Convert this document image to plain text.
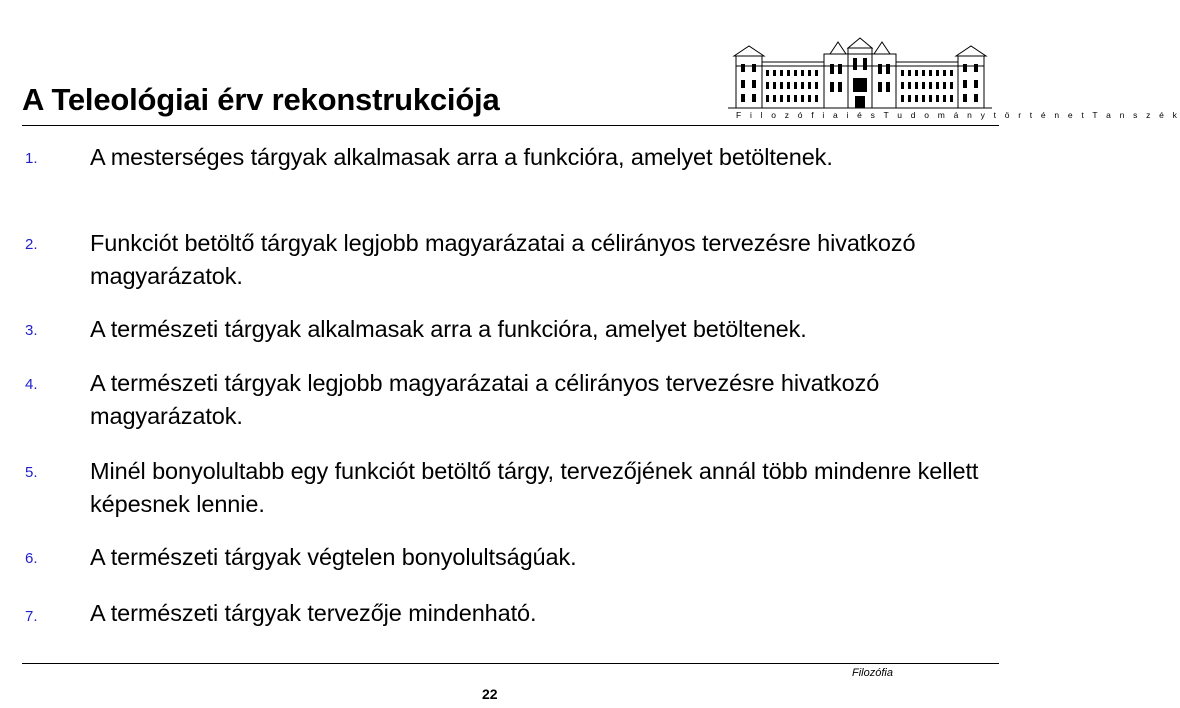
A Teleológiai érv rekonstrukciója	F i l o z ó f i a i é s T u d o m á n y t ö r t é n e t T a n s z é k
1. A mesterséges tárgyak alkalmasak arra a funkcióra, amelyet betöltenek.
2. Funkciót betöltő tárgyak legjobb magyarázatai a célirányos tervezésre hivatkozó magyarázatok.
3. A természeti tárgyak alkalmasak arra a funkcióra, amelyet betöltenek.
4. A természeti tárgyak legjobb magyarázatai a célirányos tervezésre hivatkozó magyarázatok.
5. Minél bonyolultabb egy funkciót betöltő tárgy, tervezőjének annál több mindenre kellett képesnek lennie.
6. A természeti tárgyak végtelen bonyolultságúak.
7. A természeti tárgyak tervezője mindenható.
Filozófia
22
